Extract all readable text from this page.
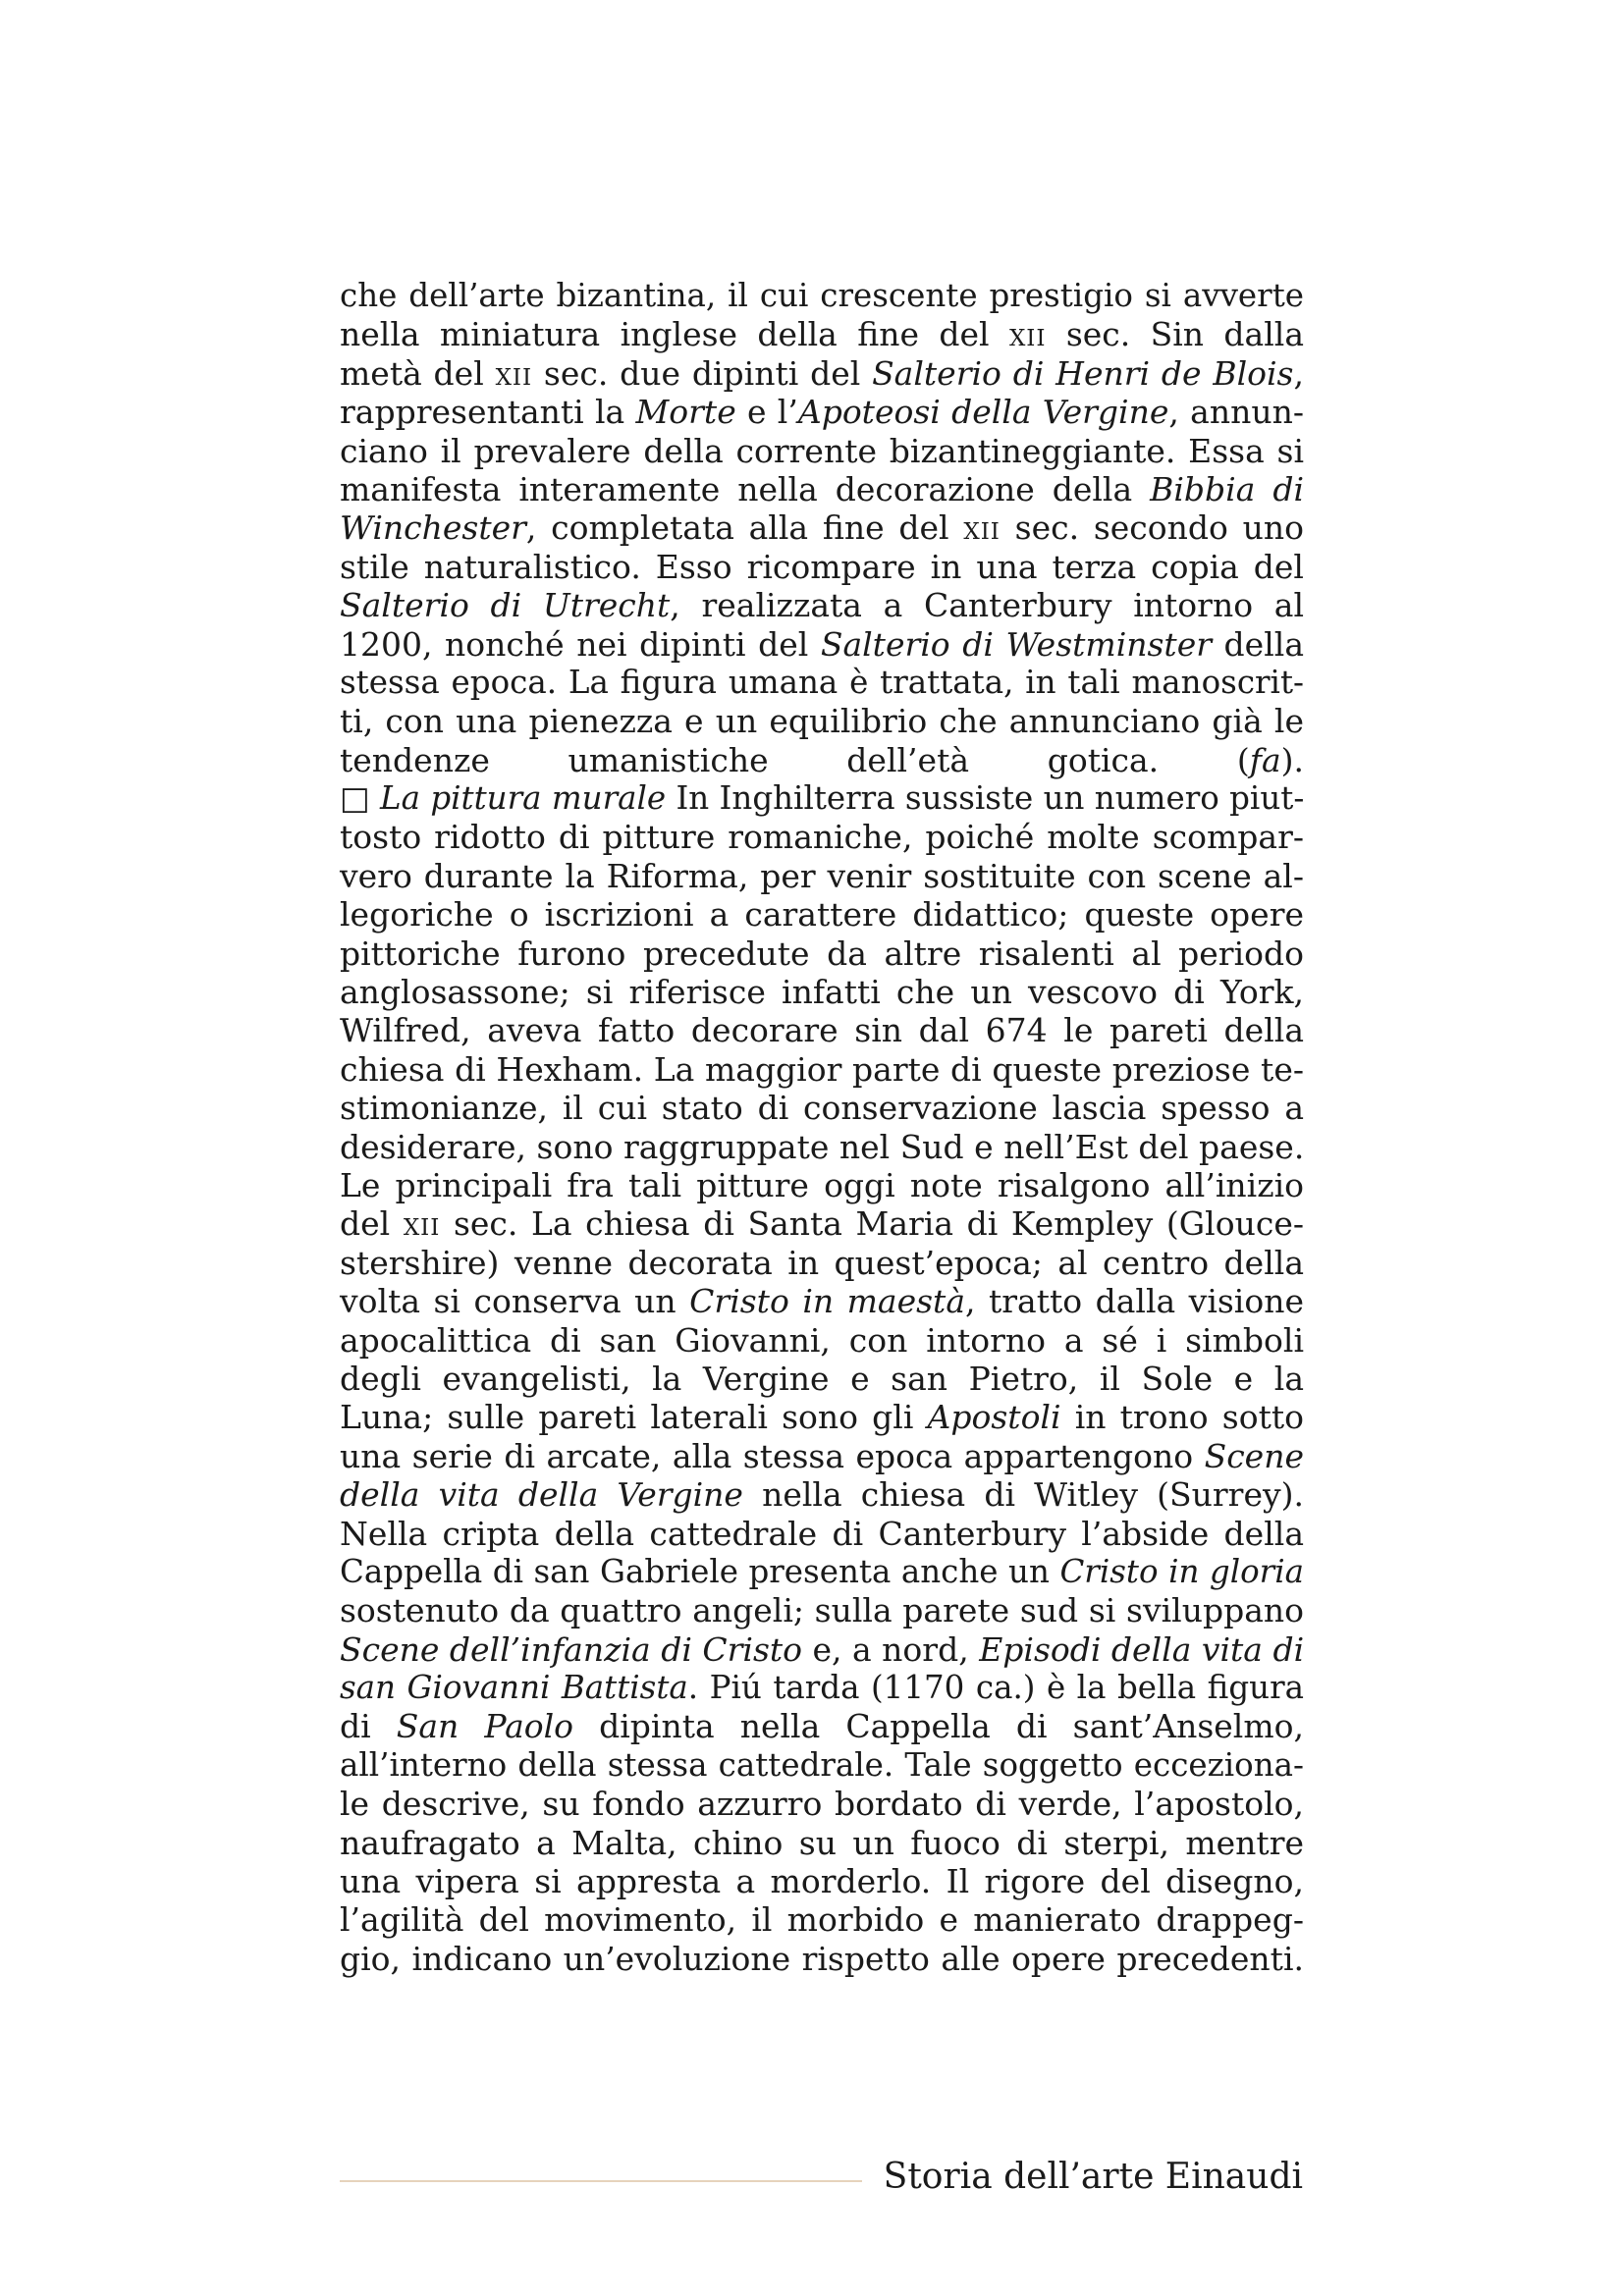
che dell’arte bizantina, il cui crescente prestigio si avverte
nella miniatura inglese della fine del xii sec. Sin dalla
metà del xii sec. due dipinti del Salterio di Henri de Blois,
rappresentanti la Morte e l’Apoteosi della Vergine, annun-
ciano il prevalere della corrente bizantineggiante. Essa si
manifesta interamente nella decorazione della Bibbia di
Winchester, completata alla fine del xii sec. secondo uno
stile naturalistico. Esso ricompare in una terza copia del
Salterio di Utrecht, realizzata a Canterbury intorno al
1200, nonché nei dipinti del Salterio di Westminster della
stessa epoca. La figura umana è trattata, in tali manoscrit-
ti, con una pienezza e un equilibrio che annunciano già le
tendenze umanistiche dell’età gotica. (fa).
□ La pittura murale In Inghilterra sussiste un numero piut-
tosto ridotto di pitture romaniche, poiché molte scompar-
vero durante la Riforma, per venir sostituite con scene al-
legoriche o iscrizioni a carattere didattico; queste opere
pittoriche furono precedute da altre risalenti al periodo
anglosassone; si riferisce infatti che un vescovo di York,
Wilfred, aveva fatto decorare sin dal 674 le pareti della
chiesa di Hexham. La maggior parte di queste preziose te-
stimonianze, il cui stato di conservazione lascia spesso a
desiderare, sono raggruppate nel Sud e nell’Est del paese.
Le principali fra tali pitture oggi note risalgono all’inizio
del xii sec. La chiesa di Santa Maria di Kempley (Glouce-
stershire) venne decorata in quest’epoca; al centro della
volta si conserva un Cristo in maestà, tratto dalla visione
apocalittica di san Giovanni, con intorno a sé i simboli
degli evangelisti, la Vergine e san Pietro, il Sole e la
Luna; sulle pareti laterali sono gli Apostoli in trono sotto
una serie di arcate, alla stessa epoca appartengono Scene
della vita della Vergine nella chiesa di Witley (Surrey).
Nella cripta della cattedrale di Canterbury l’abside della
Cappella di san Gabriele presenta anche un Cristo in gloria
sostenuto da quattro angeli; sulla parete sud si sviluppano
Scene dell’infanzia di Cristo e, a nord, Episodi della vita di
san Giovanni Battista. Piú tarda (1170 ca.) è la bella figura
di San Paolo dipinta nella Cappella di sant’Anselmo,
all’interno della stessa cattedrale. Tale soggetto ecceziona-
le descrive, su fondo azzurro bordato di verde, l’apostolo,
naufragato a Malta, chino su un fuoco di sterpi, mentre
una vipera si appresta a morderlo. Il rigore del disegno,
l’agilità del movimento, il morbido e manierato drappeg-
gio, indicano un’evoluzione rispetto alle opere precedenti.
Storia dell’arte Einaudi
